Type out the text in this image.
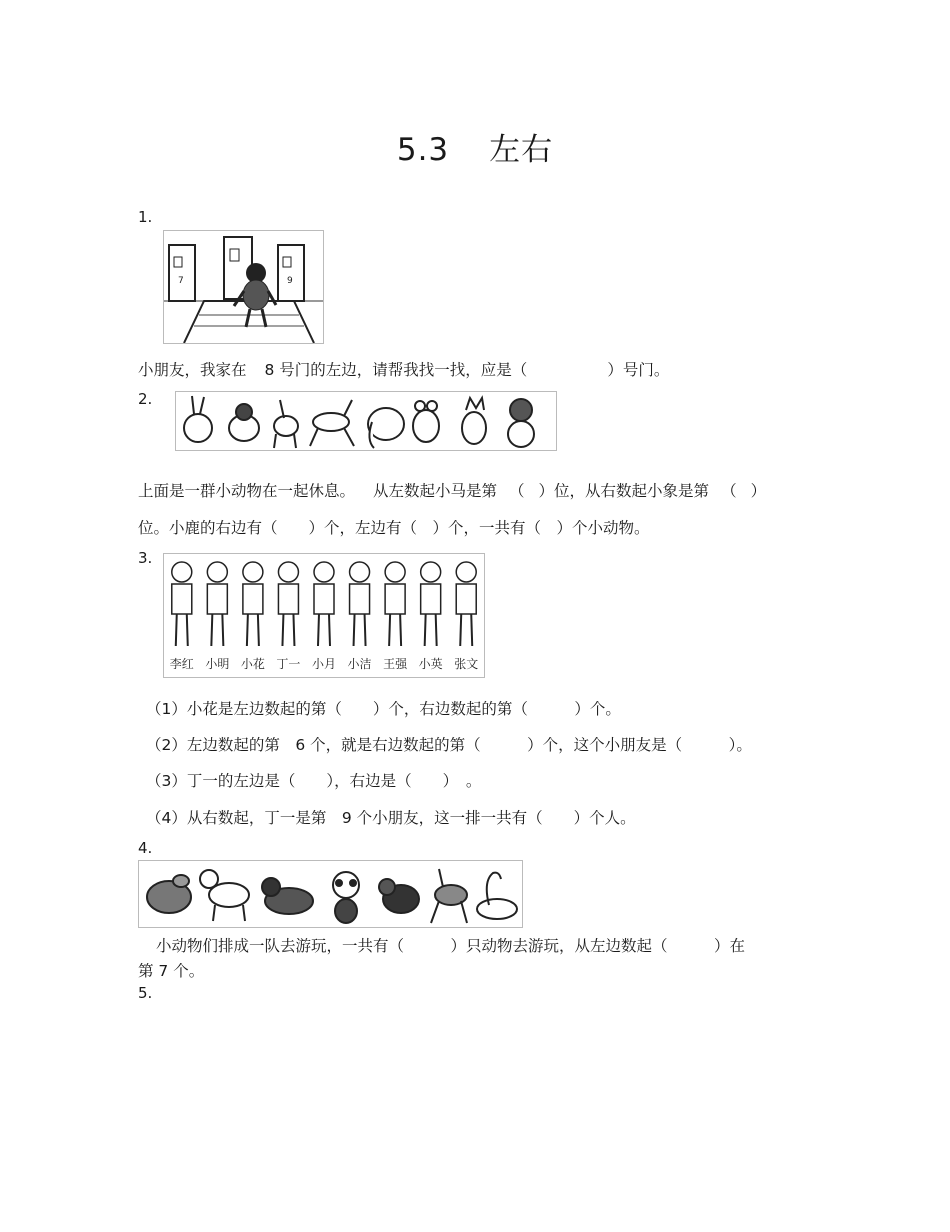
5.3 左右
1.
7	9
小朋友，我家在 8 号门的左边，请帮我找一找，应是（	）号门。
2.
上面是一群小动物在一起休息。 从左数起小马是第 （ ）位，从右数起小象是第 （ ）
位。小鹿的右边有（　　）个，左边有（　）个，一共有（　）个小动物。
3.
李红 小明 小花 丁一 小月 小洁 王强 小英 张文
（1）小花是左边数起的第（　　）个，右边数起的第（　　　）个。
（2）左边数起的第　6 个，就是右边数起的第（　　　）个，这个小朋友是（　　　）。
（3）丁一的左边是（　　），右边是（　　）　。
（4）从右数起，丁一是第　9 个小朋友，这一排一共有（　　）个人。
4.
小动物们排成一队去游玩，一共有（　　　）只动物去游玩，从左边数起（　　　）在
第 7 个。
5.
